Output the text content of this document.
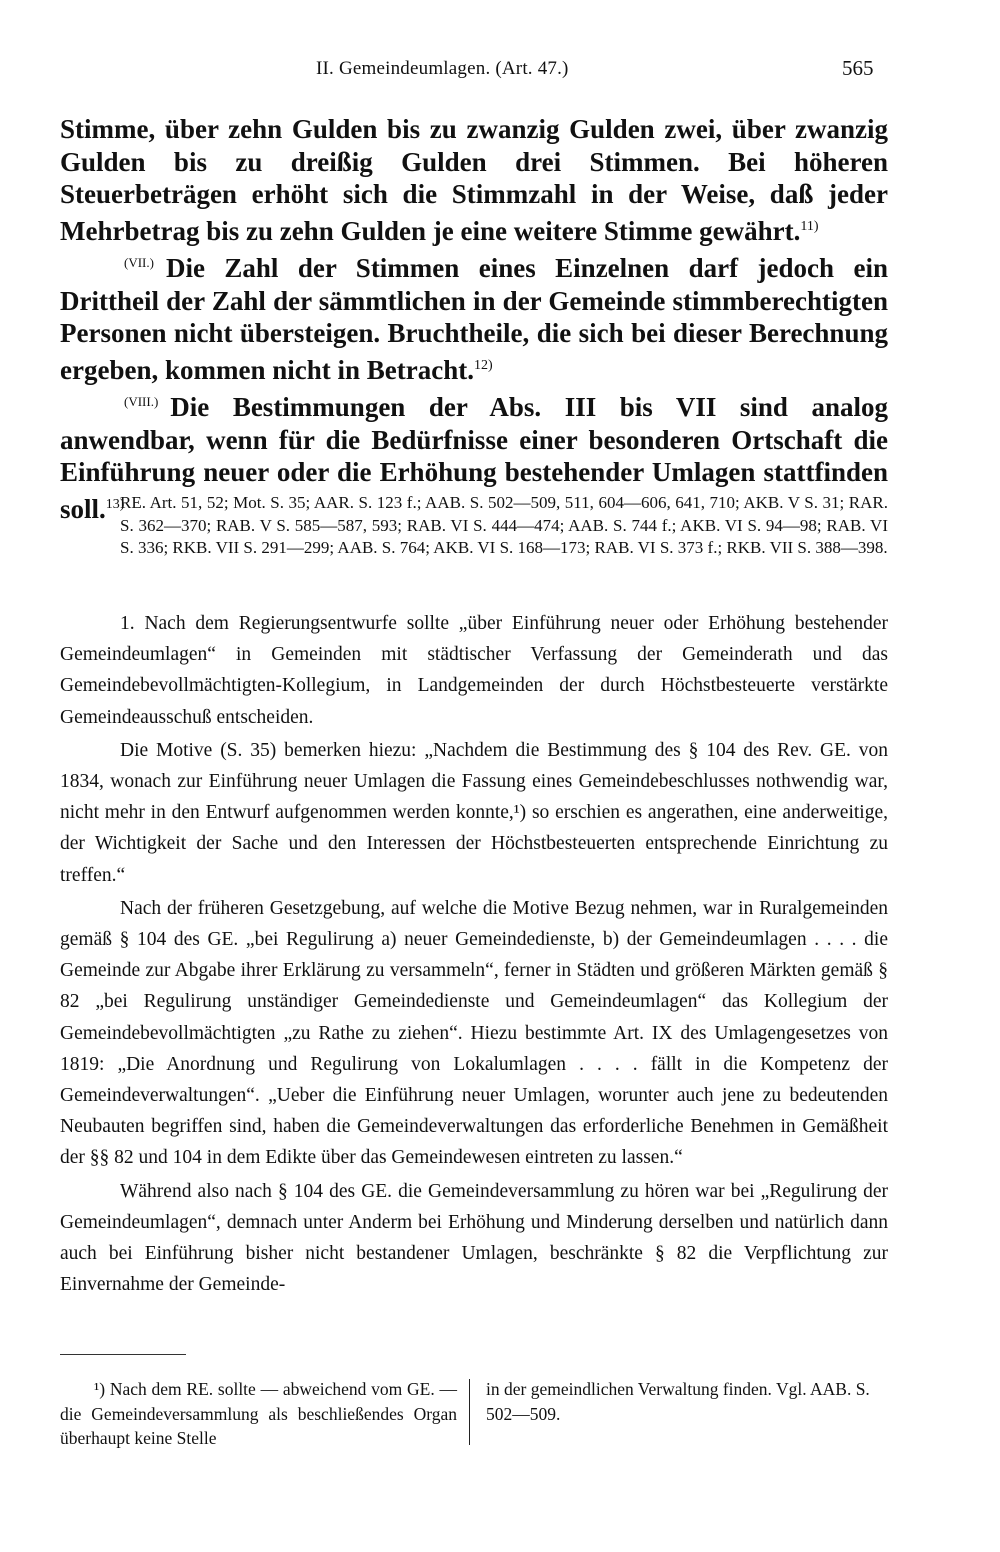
II. Gemeindeumlagen. (Art. 47.)	565

Stimme, über zehn Gulden bis zu zwanzig Gulden zwei, über zwanzig Gulden bis zu dreißig Gulden drei Stimmen. Bei höheren Steuerbeträgen erhöht sich die Stimmzahl in der Weise, daß jeder Mehrbetrag bis zu zehn Gulden je eine weitere Stimme gewährt.$^{11)}$

$^{(VII.)}$ Die Zahl der Stimmen eines Einzelnen darf jedoch ein Drittheil der Zahl der sämmtlichen in der Gemeinde stimmberechtigten Personen nicht übersteigen. Bruchtheile, die sich bei dieser Berechnung ergeben, kommen nicht in Betracht.$^{12)}$

$^{(VIII.)}$ Die Bestimmungen der Abs. III bis VII sind analog anwendbar, wenn für die Bedürfnisse einer besonderen Ortschaft die Einführung neuer oder die Erhöhung bestehender Umlagen stattfinden soll.$^{13)}$

RE. Art. 51, 52; Mot. S. 35; AAR. S. 123 f.; AAB. S. 502—509, 511, 604—606, 641, 710; AKB. V S. 31; RAR. S. 362—370; RAB. V S. 585—587, 593; RAB. VI S. 444—474; AAB. S. 744 f.; AKB. VI S. 94—98; RAB. VI S. 336; RKB. VII S. 291—299; AAB. S. 764; AKB. VI S. 168—173; RAB. VI S. 373 f.; RKB. VII S. 388—398.

1. Nach dem Regierungsentwurfe sollte „über Einführung neuer oder Erhöhung bestehender Gemeindeumlagen“ in Gemeinden mit städtischer Verfassung der Gemeinderath und das Gemeindebevollmächtigten-Kollegium, in Landgemeinden der durch Höchstbesteuerte verstärkte Gemeindeausschuß entscheiden.

Die Motive (S. 35) bemerken hiezu: „Nachdem die Bestimmung des § 104 des Rev. GE. von 1834, wonach zur Einführung neuer Umlagen die Fassung eines Gemeindebeschlusses nothwendig war, nicht mehr in den Entwurf aufgenommen werden konnte,¹) so erschien es angerathen, eine anderweitige, der Wichtigkeit der Sache und den Interessen der Höchstbesteuerten entsprechende Einrichtung zu treffen.“

Nach der früheren Gesetzgebung, auf welche die Motive Bezug nehmen, war in Ruralgemeinden gemäß § 104 des GE. „bei Regulirung a) neuer Gemeindedienste, b) der Gemeindeumlagen . . . . die Gemeinde zur Abgabe ihrer Erklärung zu versammeln“, ferner in Städten und größeren Märkten gemäß § 82 „bei Regulirung unständiger Gemeindedienste und Gemeindeumlagen“ das Kollegium der Gemeindebevollmächtigten „zu Rathe zu ziehen“. Hiezu bestimmte Art. IX des Umlagengesetzes von 1819: „Die Anordnung und Regulirung von Lokalumlagen . . . . fällt in die Kompetenz der Gemeindeverwaltungen“. „Ueber die Einführung neuer Umlagen, worunter auch jene zu bedeutenden Neubauten begriffen sind, haben die Gemeindeverwaltungen das erforderliche Benehmen in Gemäßheit der §§ 82 und 104 in dem Edikte über das Gemeindewesen eintreten zu lassen.“

Während also nach § 104 des GE. die Gemeindeversammlung zu hören war bei „Regulirung der Gemeindeumlagen“, demnach unter Anderm bei Erhöhung und Minderung derselben und natürlich dann auch bei Einführung bisher nicht bestandener Umlagen, beschränkte § 82 die Verpflichtung zur Einvernahme der Gemeinde-

¹) Nach dem RE. sollte — abweichend vom GE. — die Gemeindeversammlung als beschließendes Organ überhaupt keine Stelle
in der gemeindlichen Verwaltung finden. Vgl. AAB. S. 502—509.
